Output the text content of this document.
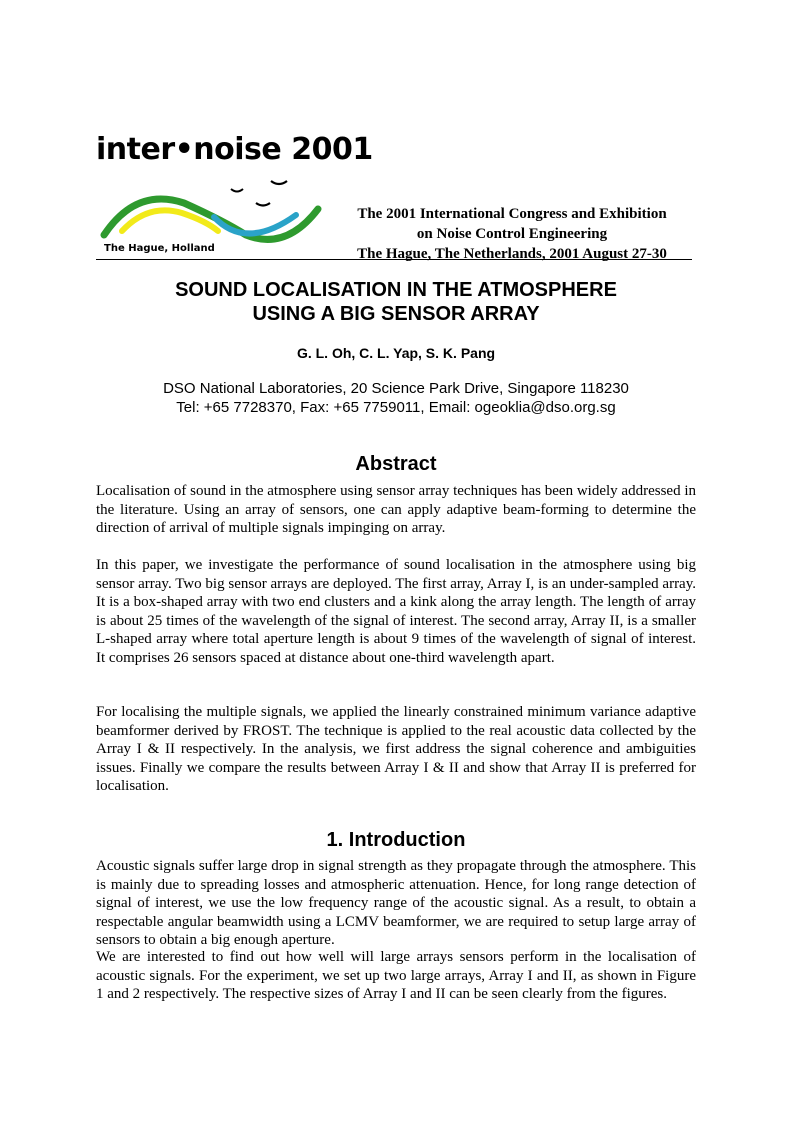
inter•noise 2001
The Hague, Holland
The 2001 International Congress and Exhibition
on Noise Control Engineering
The Hague, The Netherlands, 2001 August 27-30
SOUND LOCALISATION IN THE ATMOSPHERE
USING A BIG SENSOR ARRAY
G. L. Oh, C. L. Yap, S. K. Pang
DSO National Laboratories, 20 Science Park Drive, Singapore 118230
Tel: +65 7728370, Fax: +65 7759011, Email: ogeoklia@dso.org.sg
Abstract

Localisation of sound in the atmosphere using sensor array techniques has been widely addressed in the literature. Using an array of sensors, one can apply adaptive beam-forming to determine the direction of arrival of multiple signals impinging on array.

In this paper, we investigate the performance of sound localisation in the atmosphere using big sensor array. Two big sensor arrays are deployed. The first array, Array I, is an under-sampled array. It is a box-shaped array with two end clusters and a kink along the array length. The length of array is about 25 times of the wavelength of the signal of interest. The second array, Array II, is a smaller L-shaped array where total aperture length is about 9 times of the wavelength of signal of interest. It comprises 26 sensors spaced at distance about one-third wavelength apart.

For localising the multiple signals, we applied the linearly constrained minimum variance adaptive beamformer derived by FROST. The technique is applied to the real acoustic data collected by the Array I & II respectively. In the analysis, we first address the signal coherence and ambiguities issues. Finally we compare the results between Array I & II and show that Array II is preferred for localisation.

1. Introduction

Acoustic signals suffer large drop in signal strength as they propagate through the atmosphere. This is mainly due to spreading losses and atmospheric attenuation. Hence, for long range detection of signal of interest, we use the low frequency range of the acoustic signal. As a result, to obtain a respectable angular beamwidth using a LCMV beamformer, we are required to setup large array of sensors to obtain a big enough aperture.

We are interested to find out how well will large arrays sensors perform in the localisation of acoustic signals. For the experiment, we set up two large arrays, Array I and II, as shown in Figure 1 and 2 respectively. The respective sizes of Array I and II can be seen clearly from the figures.
